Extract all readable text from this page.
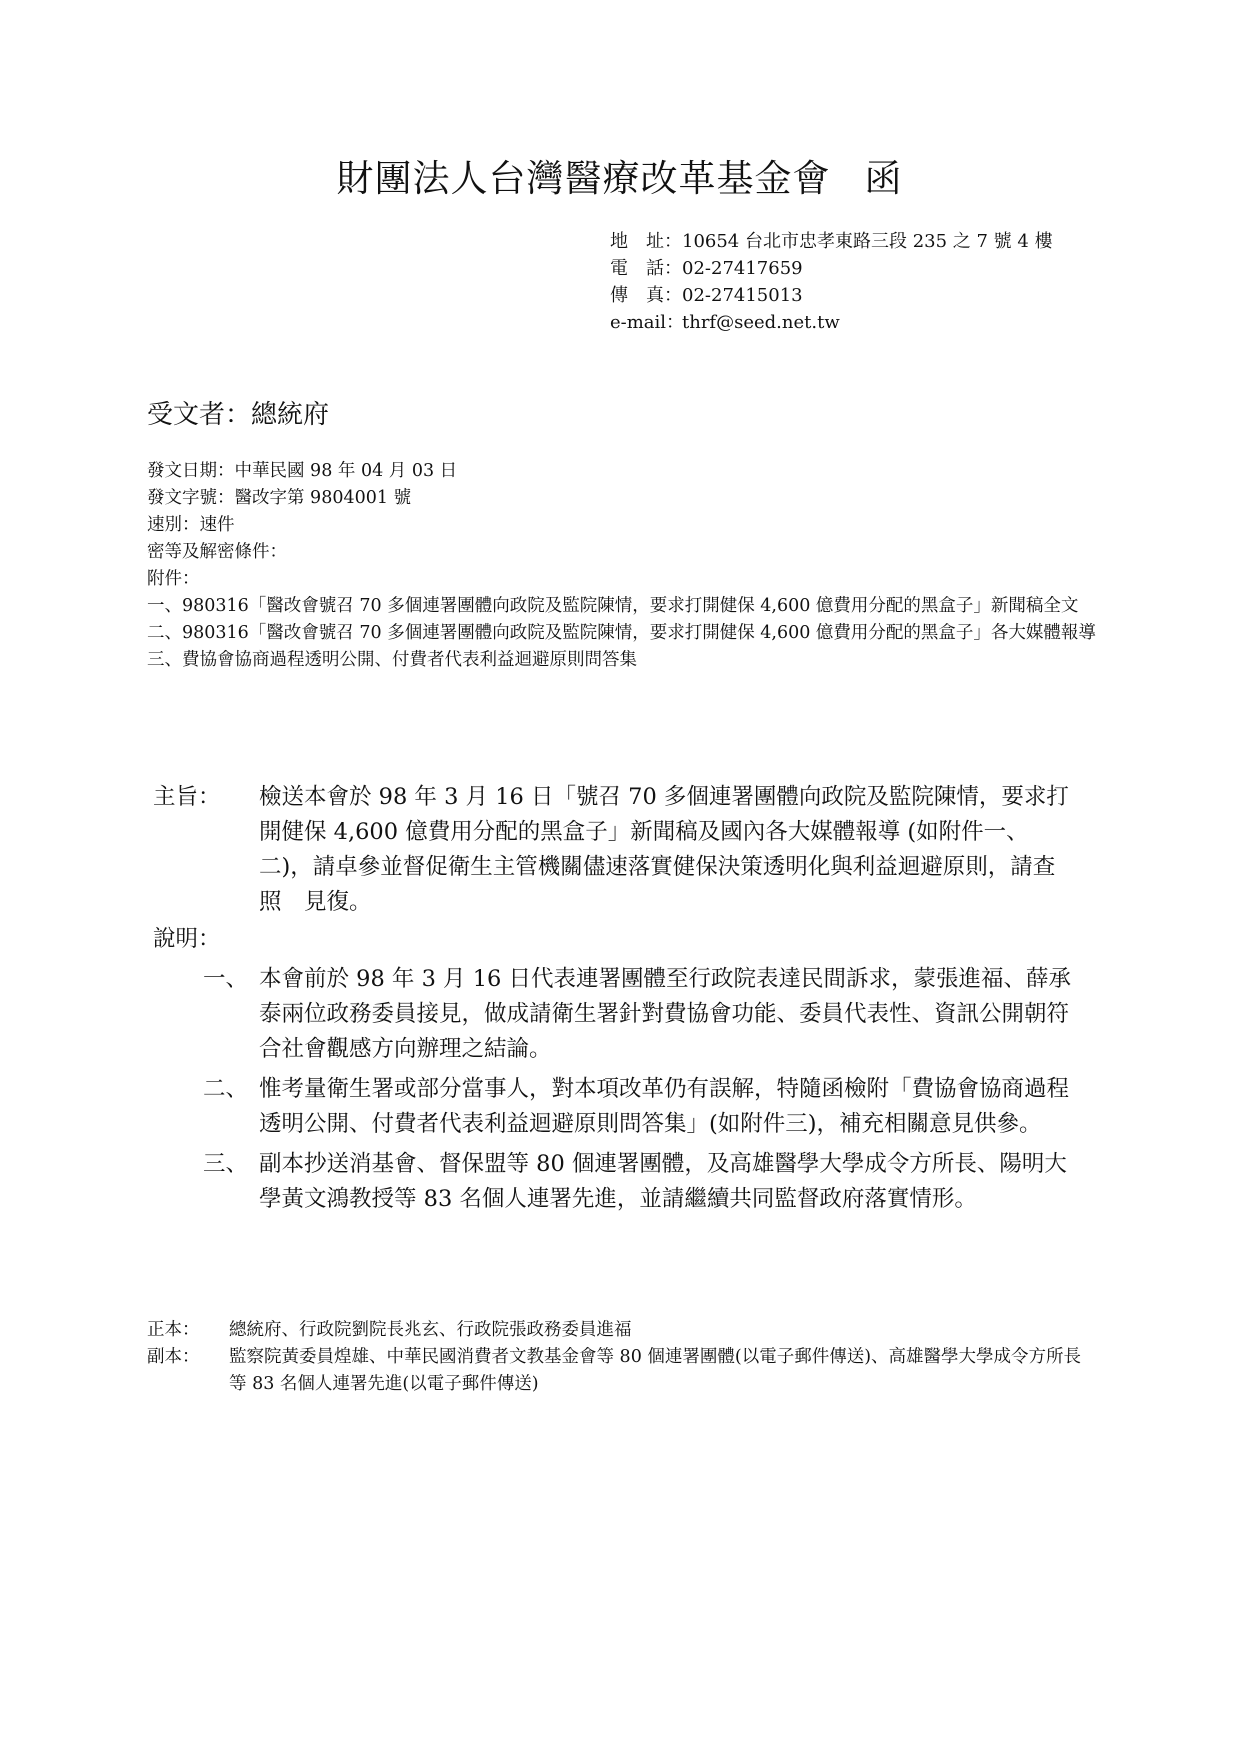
財團法人台灣醫療改革基金會 函
地　址：10654 台北市忠孝東路三段 235 之 7 號 4 樓
電　話：02-27417659
傳　真：02-27415013
e-mail：thrf@seed.net.tw
受文者：總統府
發文日期：中華民國 98 年 04 月 03 日
發文字號：醫改字第 9804001 號
速別：速件
密等及解密條件：
附件：
一、980316「醫改會號召 70 多個連署團體向政院及監院陳情，要求打開健保 4,600 億費用分配的黑盒子」新聞稿全文
二、980316「醫改會號召 70 多個連署團體向政院及監院陳情，要求打開健保 4,600 億費用分配的黑盒子」各大媒體報導
三、費協會協商過程透明公開、付費者代表利益迴避原則問答集
主旨：	檢送本會於 98 年 3 月 16 日「號召 70 多個連署團體向政院及監院陳情，要求打開健保 4,600 億費用分配的黑盒子」新聞稿及國內各大媒體報導 (如附件一、二)，請卓參並督促衛生主管機關儘速落實健保決策透明化與利益迴避原則，請查照　見復。
說明：
一、 本會前於 98 年 3 月 16 日代表連署團體至行政院表達民間訴求，蒙張進福、薛承泰兩位政務委員接見，做成請衛生署針對費協會功能、委員代表性、資訊公開朝符合社會觀感方向辦理之結論。
二、 惟考量衛生署或部分當事人，對本項改革仍有誤解，特隨函檢附「費協會協商過程透明公開、付費者代表利益迴避原則問答集」(如附件三)，補充相關意見供參。
三、 副本抄送消基會、督保盟等 80 個連署團體，及高雄醫學大學成令方所長、陽明大學黃文鴻教授等 83 名個人連署先進，並請繼續共同監督政府落實情形。
正本：	總統府、行政院劉院長兆玄、行政院張政務委員進福
副本：	監察院黃委員煌雄、中華民國消費者文教基金會等 80 個連署團體(以電子郵件傳送)、高雄醫學大學成令方所長等 83 名個人連署先進(以電子郵件傳送)
